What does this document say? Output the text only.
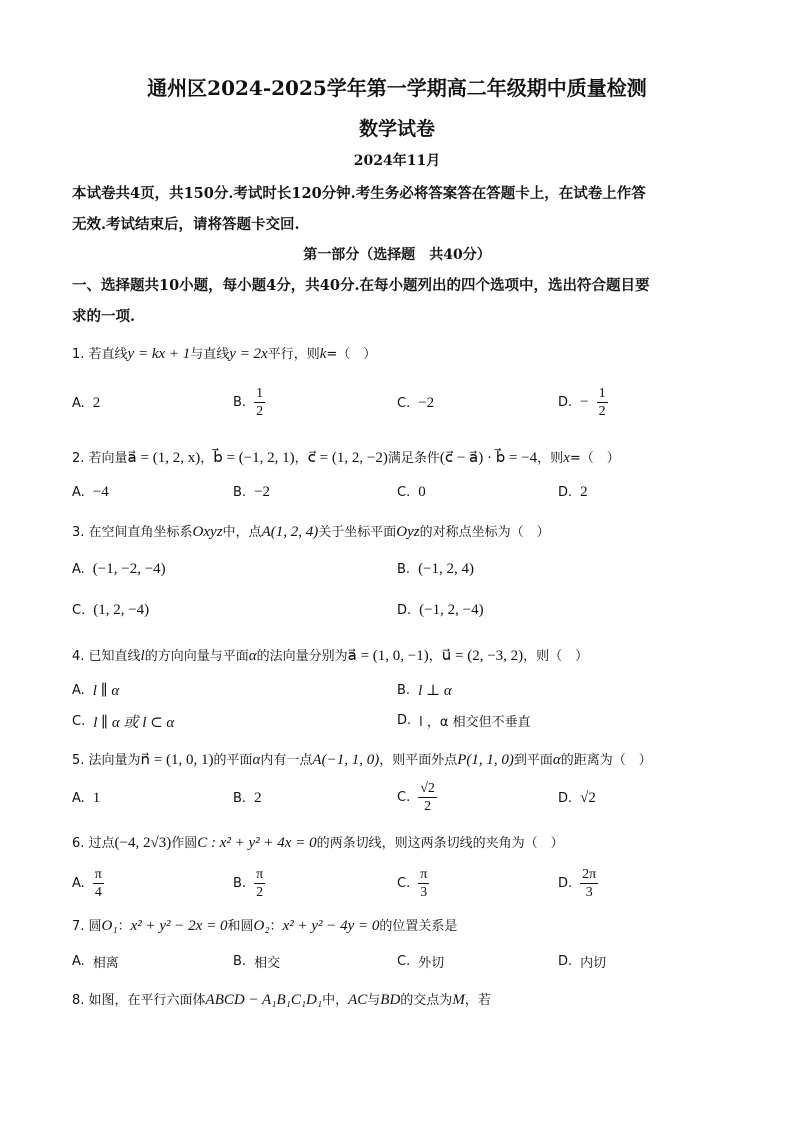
通州区2024-2025学年第一学期高二年级期中质量检测
数学试卷
2024年11月
本试卷共4页，共150分.考试时长120分钟.考生务必将答案答在答题卡上，在试卷上作答
无效.考试结束后，请将答题卡交回.
第一部分（选择题　共40分）
一、选择题共10小题，每小题4分，共40分.在每小题列出的四个选项中，选出符合题目要
求的一项.
1. 若直线y = kx + 1与直线y = 2x平行，则k=（　）
A. 2	B. $\frac{1}{2}$	C. −2	D. − $\frac{1}{2}$
2. 若向量a⃗ = (1, 2, x)，b⃗ = (−1, 2, 1)，c⃗ = (1, 2, −2)满足条件(c⃗ − a⃗) · b⃗ = −4，则x=（　）
A. −4	B. −2	C. 0	D. 2
3. 在空间直角坐标系Oxyz中，点A(1, 2, 4)关于坐标平面Oyz的对称点坐标为（　）
A. (−1, −2, −4)	B. (−1, 2, 4)
C. (1, 2, −4)	D. (−1, 2, −4)
4. 已知直线l的方向向量与平面α的法向量分别为a⃗ = (1, 0, −1)，u⃗ = (2, −3, 2)，则（　）
A. l ∥ α	B. l ⊥ α
C. l ∥ α 或 l ⊂ α	D. l ，α 相交但不垂直
5. 法向量为n⃗ = (1, 0, 1)的平面α内有一点A(−1, 1, 0)，则平面外点P(1, 1, 0)到平面α的距离为（　）
A. 1	B. 2	C. $\frac{√2}{2}$	D. √2
6. 过点(−4, 2√3)作圆C : x² + y² + 4x = 0的两条切线，则这两条切线的夹角为（　）
A. $\frac{\pi}{4}$	B. $\frac{\pi}{2}$	C. $\frac{\pi}{3}$	D. $\frac{2\pi}{3}$
7. 圆O₁：x² + y² − 2x = 0和圆O₂：x² + y² − 4y = 0的位置关系是
A. 相离	B. 相交	C. 外切	D. 内切
8. 如图，在平行六面体ABCD − A₁B₁C₁D₁中，AC与BD的交点为M，若
